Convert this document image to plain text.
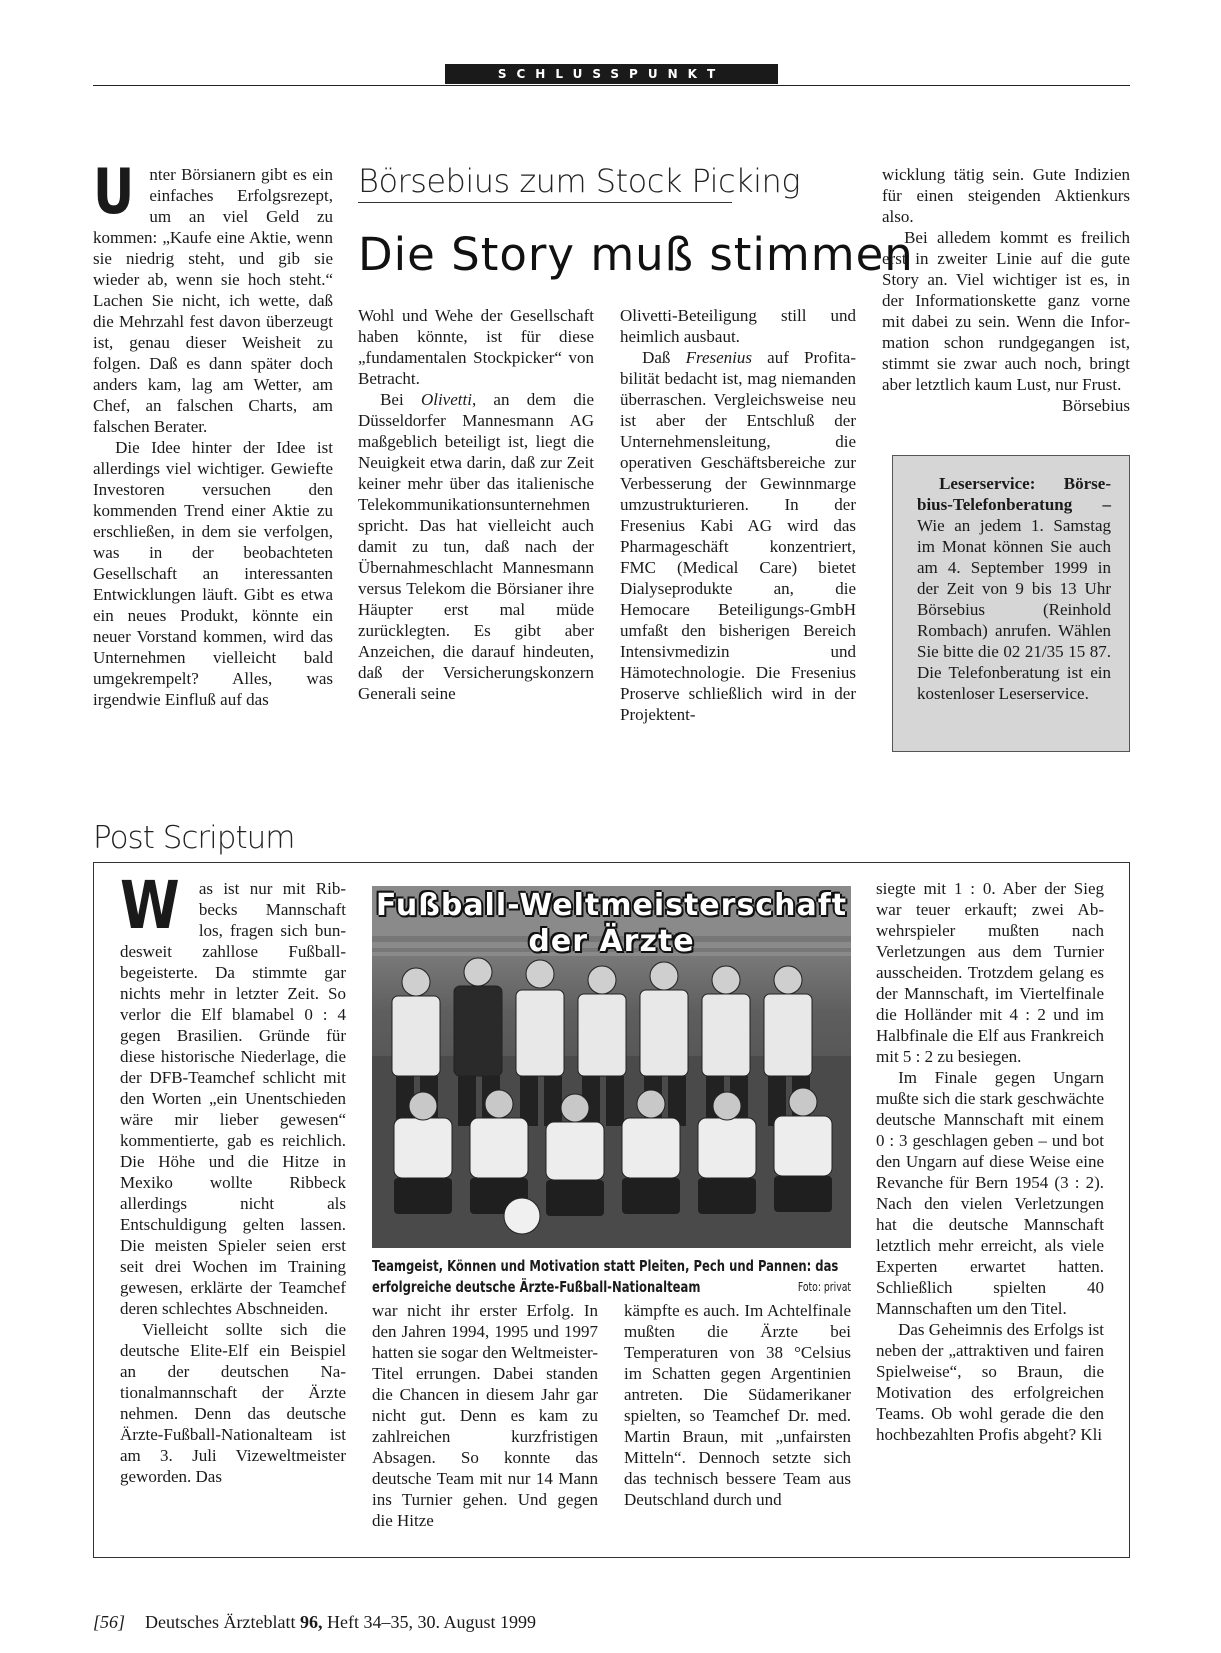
SCHLUSSPUNKT

Unter Börsianern gibt es ein einfaches Erfolgsrezept, um an viel Geld zu kommen: „Kaufe eine Aktie, wenn sie niedrig steht, und gib sie wieder ab, wenn sie hoch steht.“ Lachen Sie nicht, ich wette, daß die Mehrzahl fest davon überzeugt ist, genau dieser Weisheit zu folgen. Daß es dann später doch anders kam, lag am Wetter, am Chef, an falschen Charts, am falschen Berater.

Die Idee hinter der Idee ist allerdings viel wichtiger. Gewiefte Investoren versuchen den kommenden Trend einer Aktie zu erschließen, in dem sie verfolgen, was in der beobachteten Gesellschaft an interessanten Entwicklungen läuft. Gibt es etwa ein neues Produkt, könnte ein neuer Vorstand kommen, wird das Unternehmen vielleicht bald umgekrempelt? Alles, was irgendwie Einfluß auf das

Börsebius zum Stock Picking
Die Story muß stimmen

Wohl und Wehe der Gesellschaft haben könnte, ist für diese „fundamentalen Stockpicker“ von Betracht.

Bei Olivetti, an dem die Düsseldorfer Mannesmann AG maßgeblich beteiligt ist, liegt die Neuigkeit etwa darin, daß zur Zeit keiner mehr über das italienische Telekommunikationsunternehmen spricht. Das hat vielleicht auch damit zu tun, daß nach der Übernahmeschlacht Mannesmann versus Telekom die Börsianer ihre Häupter erst mal müde zurücklegten. Es gibt aber Anzeichen, die darauf hindeuten, daß der Versicherungskonzern Generali seine

Olivetti-Beteiligung still und heimlich ausbaut.

Daß Fresenius auf Profitabilität bedacht ist, mag niemanden überraschen. Vergleichsweise neu ist aber der Entschluß der Unternehmensleitung, die operativen Geschäftsbereiche zur Verbesserung der Gewinnmarge umzustrukturieren. In der Fresenius Kabi AG wird das Pharmageschäft konzentriert, FMC (Medical Care) bietet Dialyseprodukte an, die Hemocare Beteiligungs-GmbH umfaßt den bisherigen Bereich Intensivmedizin und Hämotechnologie. Die Fresenius Proserve schließlich wird in der Projektent-

wicklung tätig sein. Gute Indizien für einen steigenden Aktienkurs also.

Bei alledem kommt es freilich erst in zweiter Linie auf die gute Story an. Viel wichtiger ist es, in der Informationskette ganz vorne mit dabei zu sein. Wenn die Information schon rundgegangen ist, stimmt sie zwar auch noch, bringt aber letztlich kaum Lust, nur Frust.
Börsebius

Leserservice: Börsebius-Telefonberatung – Wie an jedem 1. Samstag im Monat können Sie auch am 4. September 1999 in der Zeit von 9 bis 13 Uhr Börsebius (Reinhold Rombach) anrufen. Wählen Sie bitte die 02 21/35 15 87. Die Telefonberatung ist ein kostenloser Leserservice.

Post Scriptum

W as ist nur mit Ribbecks Mannschaft los, fragen sich bundesweit zahllose Fußballbegeisterte. Da stimmte gar nichts mehr in letzter Zeit. So verlor die Elf blamabel 0 : 4 gegen Brasilien. Gründe für diese historische Niederlage, die der DFB-Teamchef schlicht mit den Worten „ein Unentschieden wäre mir lieber gewesen“ kommentierte, gab es reichlich. Die Höhe und die Hitze in Mexiko wollte Ribbeck allerdings nicht als Entschuldigung gelten lassen. Die meisten Spieler seien erst seit drei Wochen im Training gewesen, erklärte der Teamchef deren schlechtes Abschneiden.

Vielleicht sollte sich die deutsche Elite-Elf ein Beispiel an der deutschen Nationalmannschaft der Ärzte nehmen. Denn das deutsche Ärzte-Fußball-Nationalteam ist am 3. Juli Vizeweltmeister geworden. Das

Fußball-Weltmeisterschaft
der Ärzte
Teamgeist, Können und Motivation statt Pleiten, Pech und Pannen: das erfolgreiche deutsche Ärzte-Fußball-Nationalteam	Foto: privat

war nicht ihr erster Erfolg. In den Jahren 1994, 1995 und 1997 hatten sie sogar den Weltmeister-Titel errungen. Dabei standen die Chancen in diesem Jahr gar nicht gut. Denn es kam zu zahlreichen kurzfristigen Absagen. So konnte das deutsche Team mit nur 14 Mann ins Turnier gehen. Und gegen die Hitze

kämpfte es auch. Im Achtelfinale mußten die Ärzte bei Temperaturen von 38 °Celsius im Schatten gegen Argentinien antreten. Die Südamerikaner spielten, so Teamchef Dr. med. Martin Braun, mit „unfairsten Mitteln“. Dennoch setzte sich das technisch bessere Team aus Deutschland durch und

siegte mit 1 : 0. Aber der Sieg war teuer erkauft; zwei Abwehrspieler mußten nach Verletzungen aus dem Turnier ausscheiden. Trotzdem gelang es der Mannschaft, im Viertelfinale die Holländer mit 4 : 2 und im Halbfinale die Elf aus Frankreich mit 5 : 2 zu besiegen.

Im Finale gegen Ungarn mußte sich die stark geschwächte deutsche Mannschaft mit einem 0 : 3 geschlagen geben – und bot den Ungarn auf diese Weise eine Revanche für Bern 1954 (3 : 2). Nach den vielen Verletzungen hat die deutsche Mannschaft letztlich mehr erreicht, als viele Experten erwartet hatten. Schließlich spielten 40 Mannschaften um den Titel.

Das Geheimnis des Erfolgs ist neben der „attraktiven und fairen Spielweise“, so Braun, die Motivation des erfolgreichen Teams. Ob wohl gerade die den hochbezahlten Profis abgeht? Kli

[56] Deutsches Ärzteblatt 96, Heft 34–35, 30. August 1999
